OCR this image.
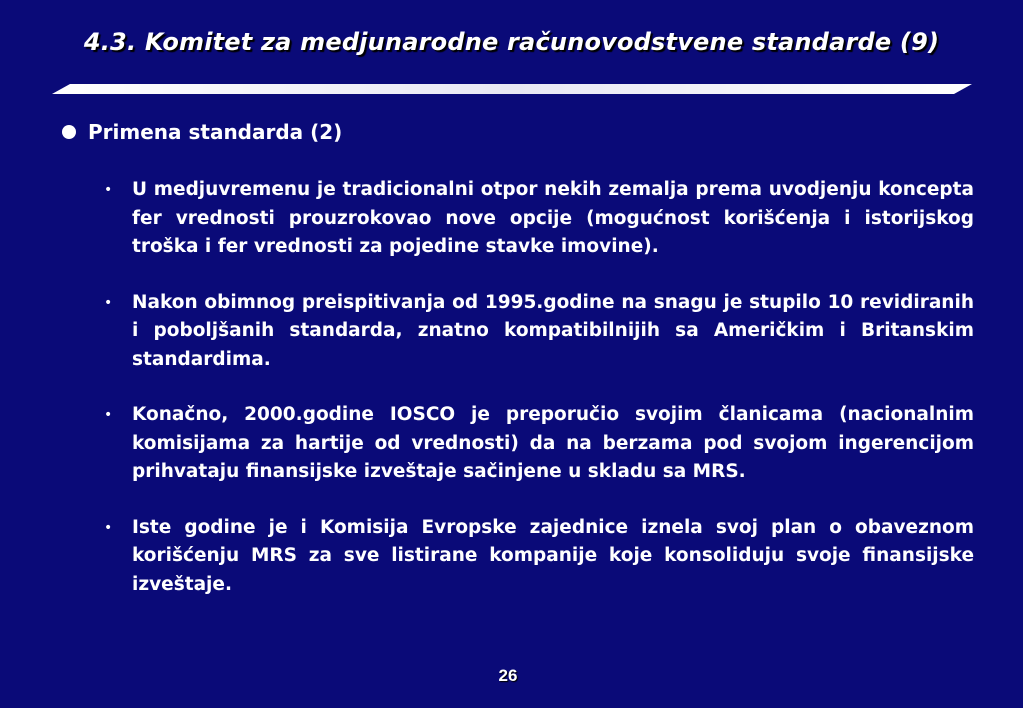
4.3. Komitet za medjunarodne računovodstvene standarde (9)
Primena standarda (2)
• U medjuvremenu je tradicionalni otpor nekih zemalja prema uvodjenju koncepta fer vrednosti prouzrokovao nove opcije (mogućnost korišćenja i istorijskog troška i fer vrednosti za pojedine stavke imovine).
• Nakon obimnog preispitivanja od 1995.godine na snagu je stupilo 10 revidiranih i poboljšanih standarda, znatno kompatibilnijih sa Američkim i Britanskim standardima.
• Konačno, 2000.godine IOSCO je preporučio svojim članicama (nacionalnim komisijama za hartije od vrednosti) da na berzama pod svojom ingerencijom prihvataju finansijske izveštaje sačinjene u skladu sa MRS.
• Iste godine je i Komisija Evropske zajednice iznela svoj plan o obaveznom korišćenju MRS za sve listirane kompanije koje konsoliduju svoje finansijske izveštaje.
26
